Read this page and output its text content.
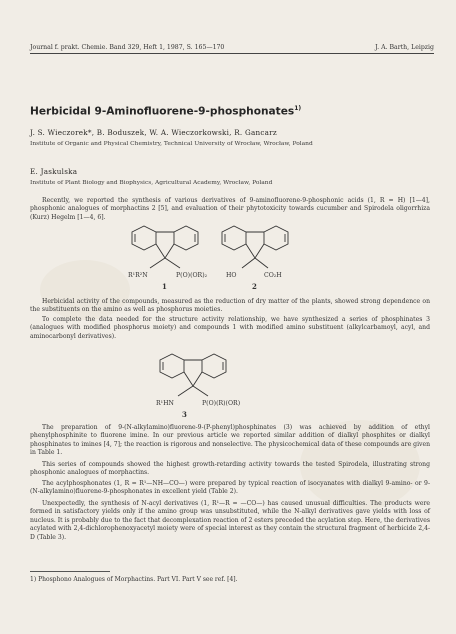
Journal f. prakt. Chemie. Band 329, Heft 1, 1987, S. 165—170	J. A. Barth, Leipzig
Herbicidal 9-Aminofluorene-9-phosphonates$^{1)}$
J. S. Wieczorek*, B. Boduszek, W. A. Wieczorkowski, R. Gancarz
Institute of Organic and Physical Chemistry, Technical University of Wrocław, Wrocław, Poland
E. Jaskulska
Institute of Plant Biology and Biophysics, Agricultural Academy, Wrocław, Poland
Recently, we reported the synthesis of various derivatives of 9-aminofluorene-9-phosphonic acids (1, R = H) [1—4], phosphonic analogues of morphactins 2 [5], and evaluation of their phytotoxicity towards cucumber and Spirodela oligorrhiza (Kurz) Hegelm [1—4, 6].
R¹R²N	P(O)(OR)₂
1
HO	CO₂H
2
Herbicidal activity of the compounds, measured as the reduction of dry matter of the plants, showed strong dependence on the substituents on the amino as well as phosphorus moieties.
To complete the data needed for the structure activity relationship, we have synthesized a series of phosphinates 3 (analogues with modified phosphorus moiety) and compounds 1 with modified amino substituent (alkylcarbamoyl, acyl, and aminocarbonyl derivatives).
R¹HN	P(O)(R)(OR)
3
The preparation of 9-(N-alkylamino)fluorene-9-(P-phenyl)phosphinates (3) was achieved by addition of ethyl phenylphosphinite to fluorene imine. In our previous article we reported similar addition of dialkyl phosphites or dialkyl phosphinates to imines [4, 7]; the reaction is rigorous and nonselective. The physicochemical data of these compounds are given in Table 1.
This series of compounds showed the highest growth-retarding activity towards the tested Spirodela, illustrating strong phosphonic analogues of morphactins.
The acylphosphonates (1, R = R¹—NH—CO—) were prepared by typical reaction of isocyanates with dialkyl 9-amino- or 9-(N-alkylamino)fluorene-9-phosphonates in excellent yield (Table 2).
Unexpectedly, the synthesis of N-acyl derivatives (1, R¹—R = —CO—) has caused unusual difficulties. The products were formed in satisfactory yields only if the amino group was unsubstituted, while the N-alkyl derivatives gave yields with loss of nucleus. It is probably due to the fact that decomplexation reaction of 2 esters preceded the acylation step. Here, the derivatives acylated with 2,4-dichlorophenoxyacetyl moiety were of special interest as they contain the structural fragment of herbicide 2,4-D (Table 3).
1) Phosphono Analogues of Morphactins. Part VI. Part V see ref. [4].
